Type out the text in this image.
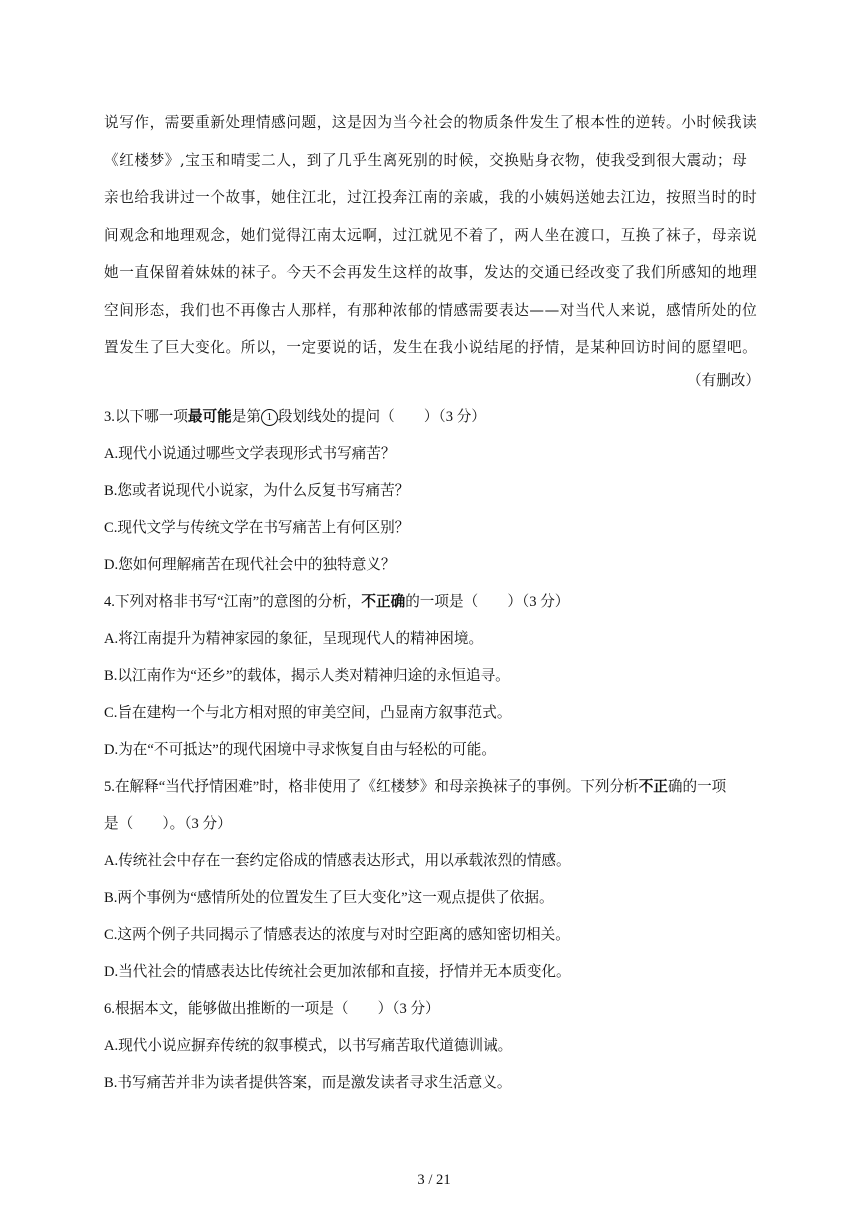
说写作，需要重新处理情感问题，这是因为当今社会的物质条件发生了根本性的逆转。小时候我读
《红楼梦》,宝玉和晴雯二人，到了几乎生离死别的时候，交换贴身衣物，使我受到很大震动；母
亲也给我讲过一个故事，她住江北，过江投奔江南的亲戚，我的小姨妈送她去江边，按照当时的时
间观念和地理观念，她们觉得江南太远啊，过江就见不着了，两人坐在渡口，互换了袜子，母亲说
她一直保留着妹妹的袜子。今天不会再发生这样的故事，发达的交通已经改变了我们所感知的地理
空间形态，我们也不再像古人那样，有那种浓郁的情感需要表达——对当代人来说，感情所处的位
置发生了巨大变化。所以，一定要说的话，发生在我小说结尾的抒情，是某种回访时间的愿望吧。
（有删改）
3.以下哪一项最可能是第 1 段划线处的提问（　　）（3 分）
A.现代小说通过哪些文学表现形式书写痛苦？
B.您或者说现代小说家，为什么反复书写痛苦？
C.现代文学与传统文学在书写痛苦上有何区别？
D.您如何理解痛苦在现代社会中的独特意义？
4.下列对格非书写“江南”的意图的分析，不正确的一项是（　　）（3 分）
A.将江南提升为精神家园的象征，呈现现代人的精神困境。
B.以江南作为“还乡”的载体，揭示人类对精神归途的永恒追寻。
C.旨在建构一个与北方相对照的审美空间，凸显南方叙事范式。
D.为在“不可抵达”的现代困境中寻求恢复自由与轻松的可能。
5.在解释“当代抒情困难”时，格非使用了《红楼梦》和母亲换袜子的事例。下列分析不正确的一项
是（　　）。（3 分）
A.传统社会中存在一套约定俗成的情感表达形式，用以承载浓烈的情感。
B.两个事例为“感情所处的位置发生了巨大变化”这一观点提供了依据。
C.这两个例子共同揭示了情感表达的浓度与对时空距离的感知密切相关。
D.当代社会的情感表达比传统社会更加浓郁和直接，抒情并无本质变化。
6.根据本文，能够做出推断的一项是（　　）（3 分）
A.现代小说应摒弃传统的叙事模式，以书写痛苦取代道德训诫。
B.书写痛苦并非为读者提供答案，而是激发读者寻求生活意义。
3 / 21
